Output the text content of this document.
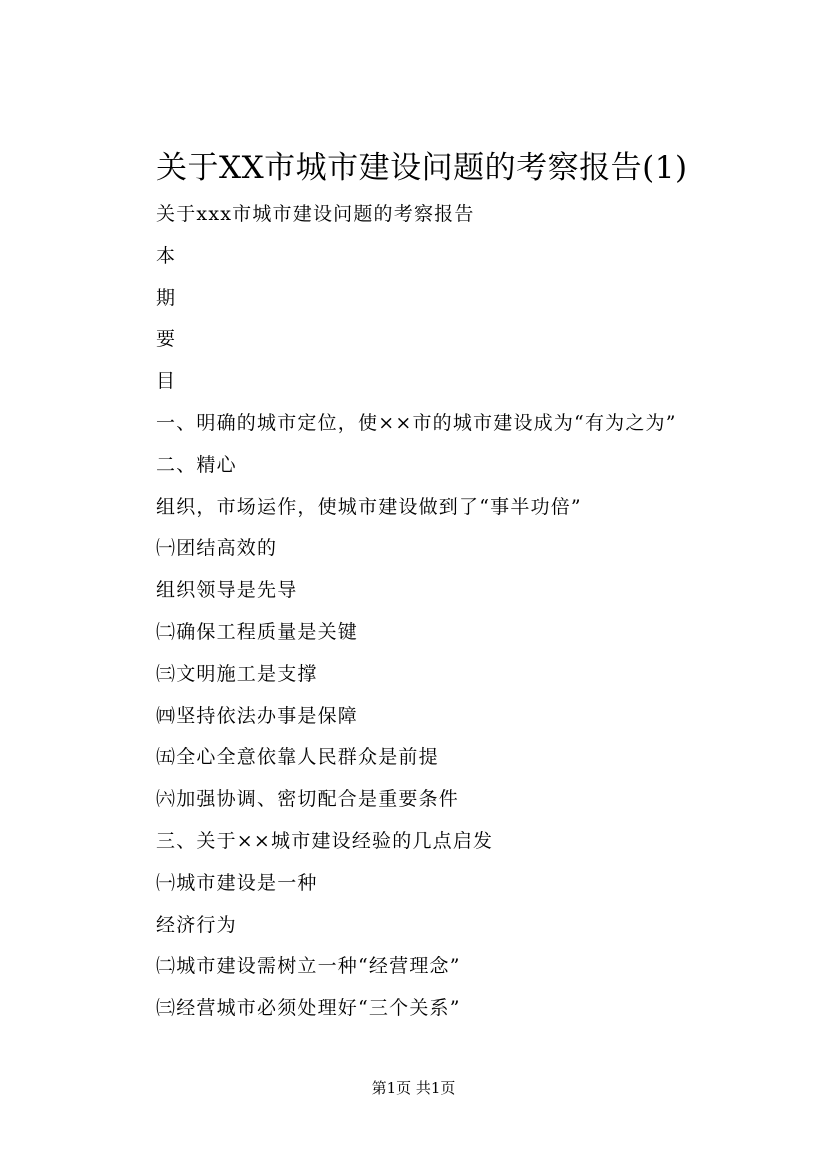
关于XX市城市建设问题的考察报告(1)
关于xxx市城市建设问题的考察报告
本
期
要
目
一、明确的城市定位，使××市的城市建设成为“有为之为”
二、精心
组织，市场运作，使城市建设做到了“事半功倍”
㈠团结高效的
组织领导是先导
㈡确保工程质量是关键
㈢文明施工是支撑
㈣坚持依法办事是保障
㈤全心全意依靠人民群众是前提
㈥加强协调、密切配合是重要条件
三、关于××城市建设经验的几点启发
㈠城市建设是一种
经济行为
㈡城市建设需树立一种“经营理念”
㈢经营城市必须处理好“三个关系”
第1页 共1页
